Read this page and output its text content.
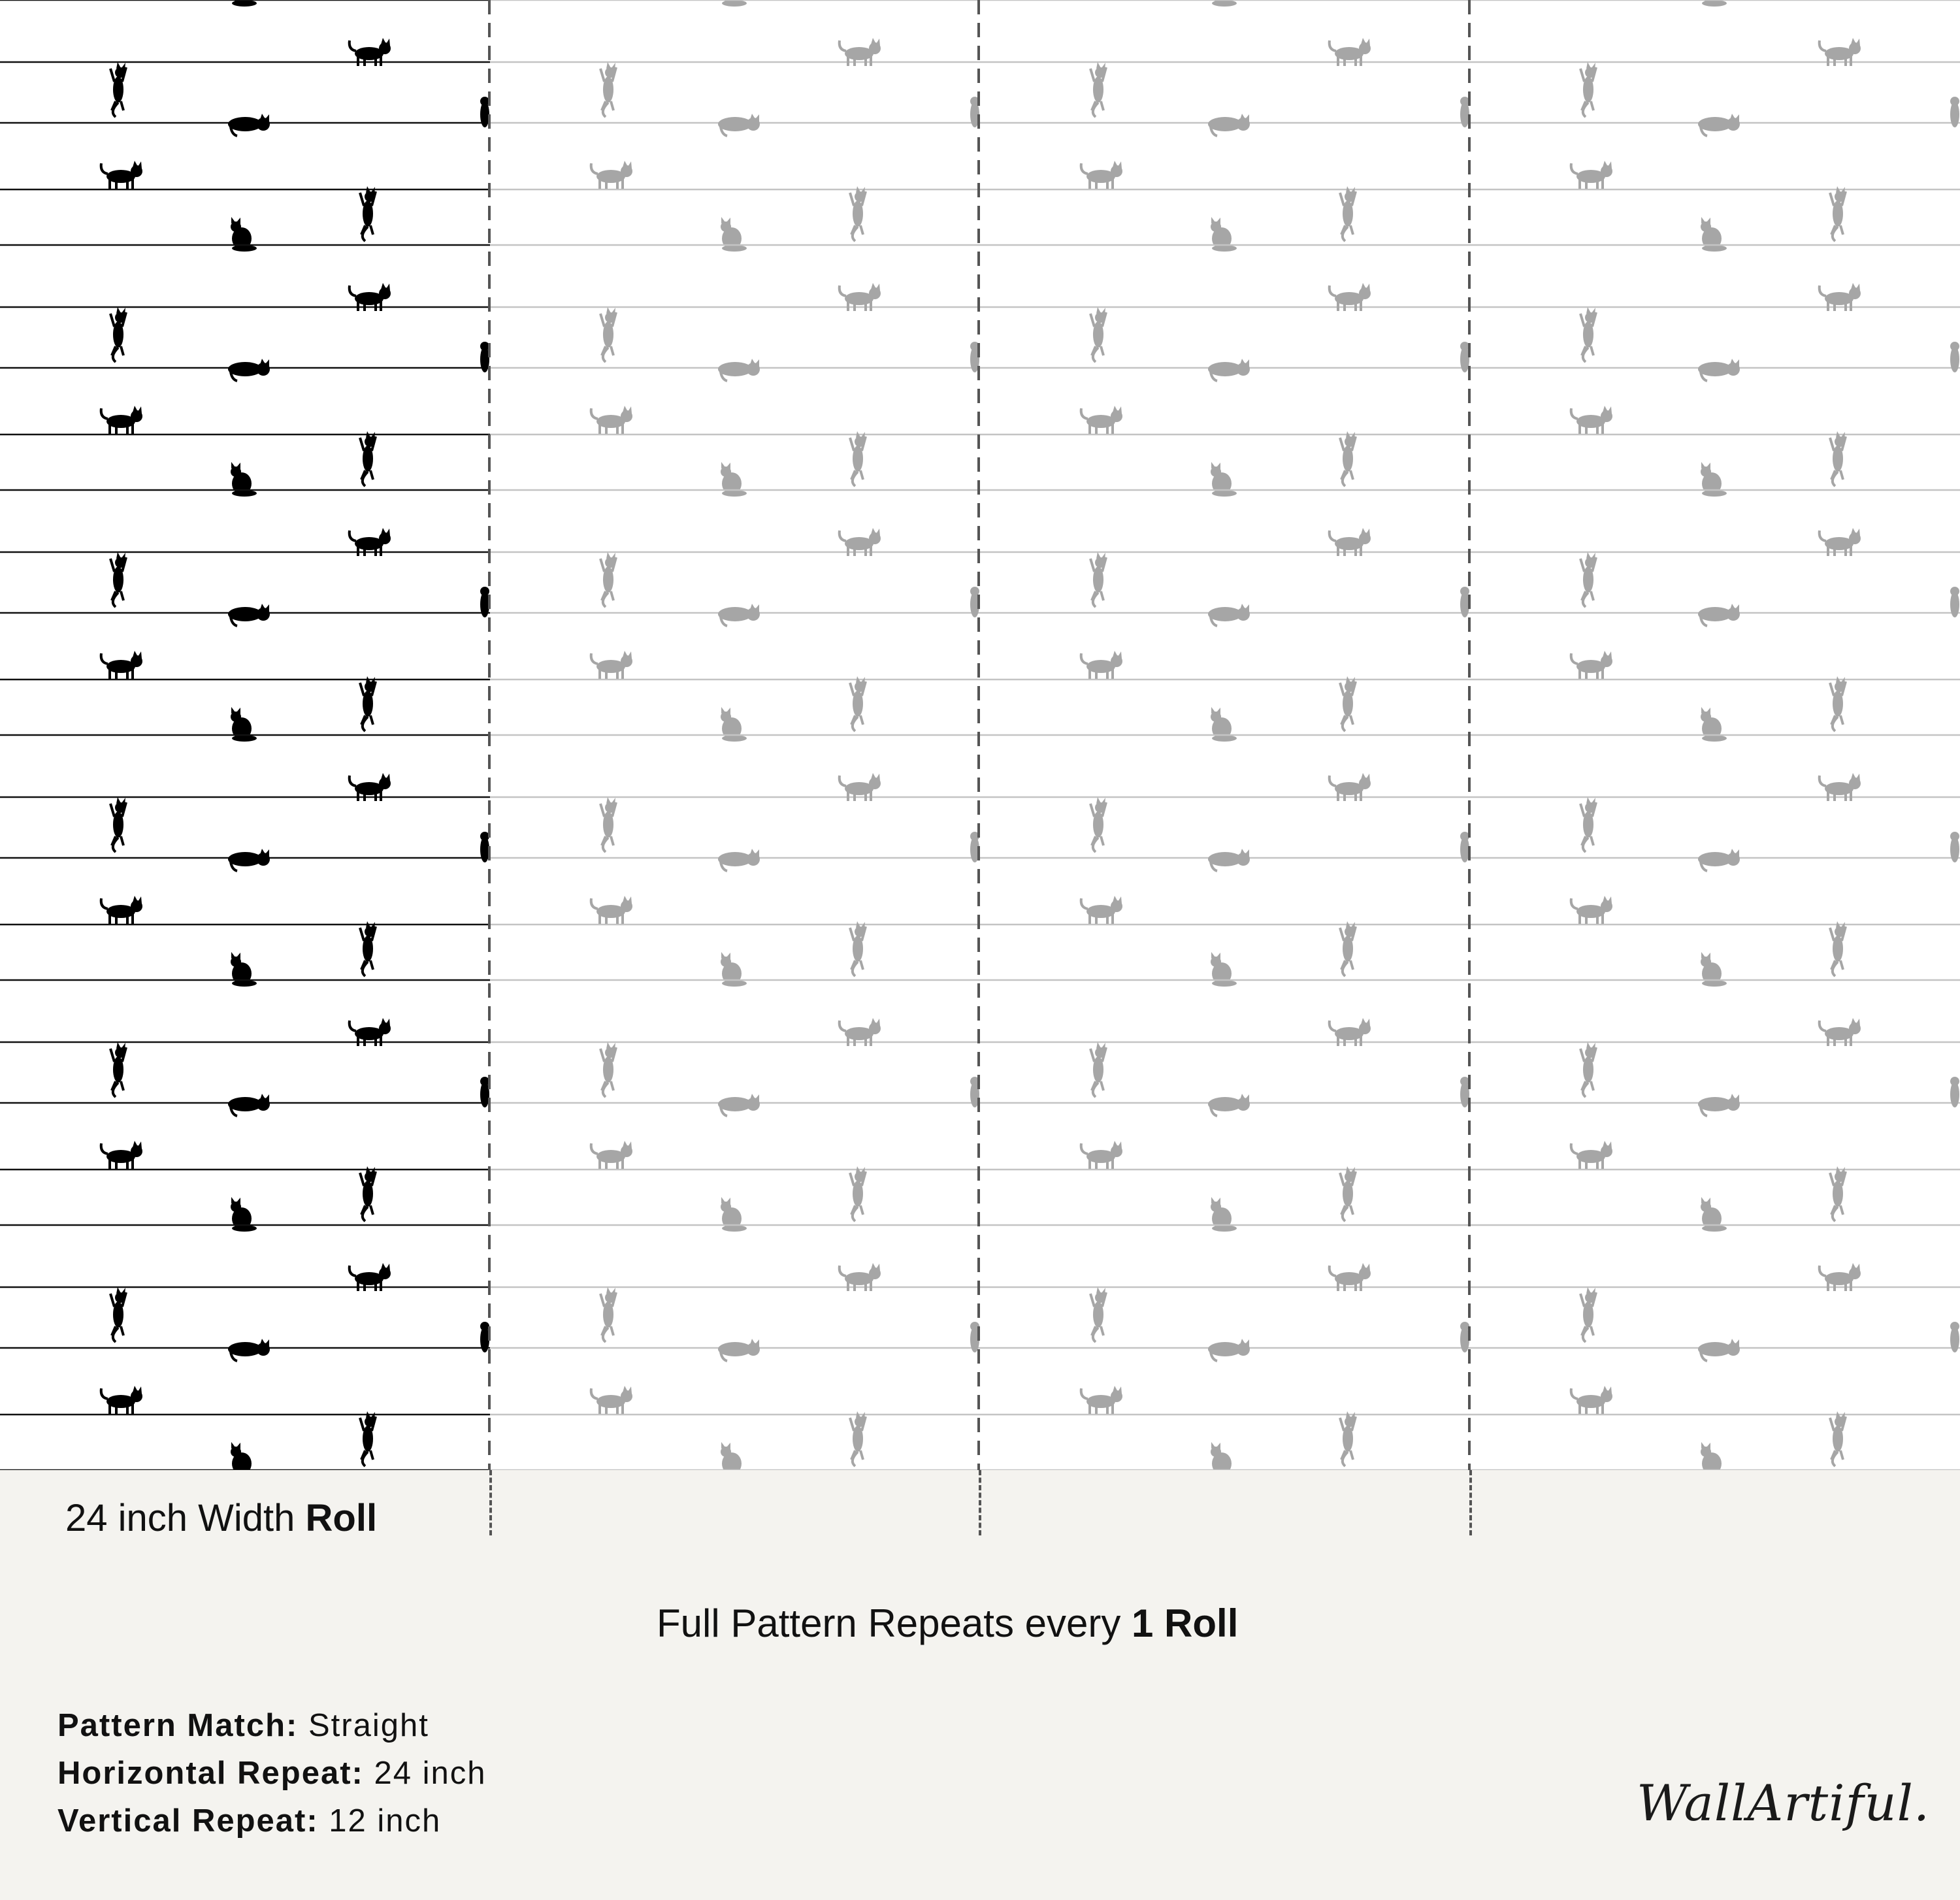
24 inch Width Roll
Full Pattern Repeats every 1 Roll
Pattern Match: Straight
Horizontal Repeat: 24 inch
Vertical Repeat: 12 inch	WallArtiful.
